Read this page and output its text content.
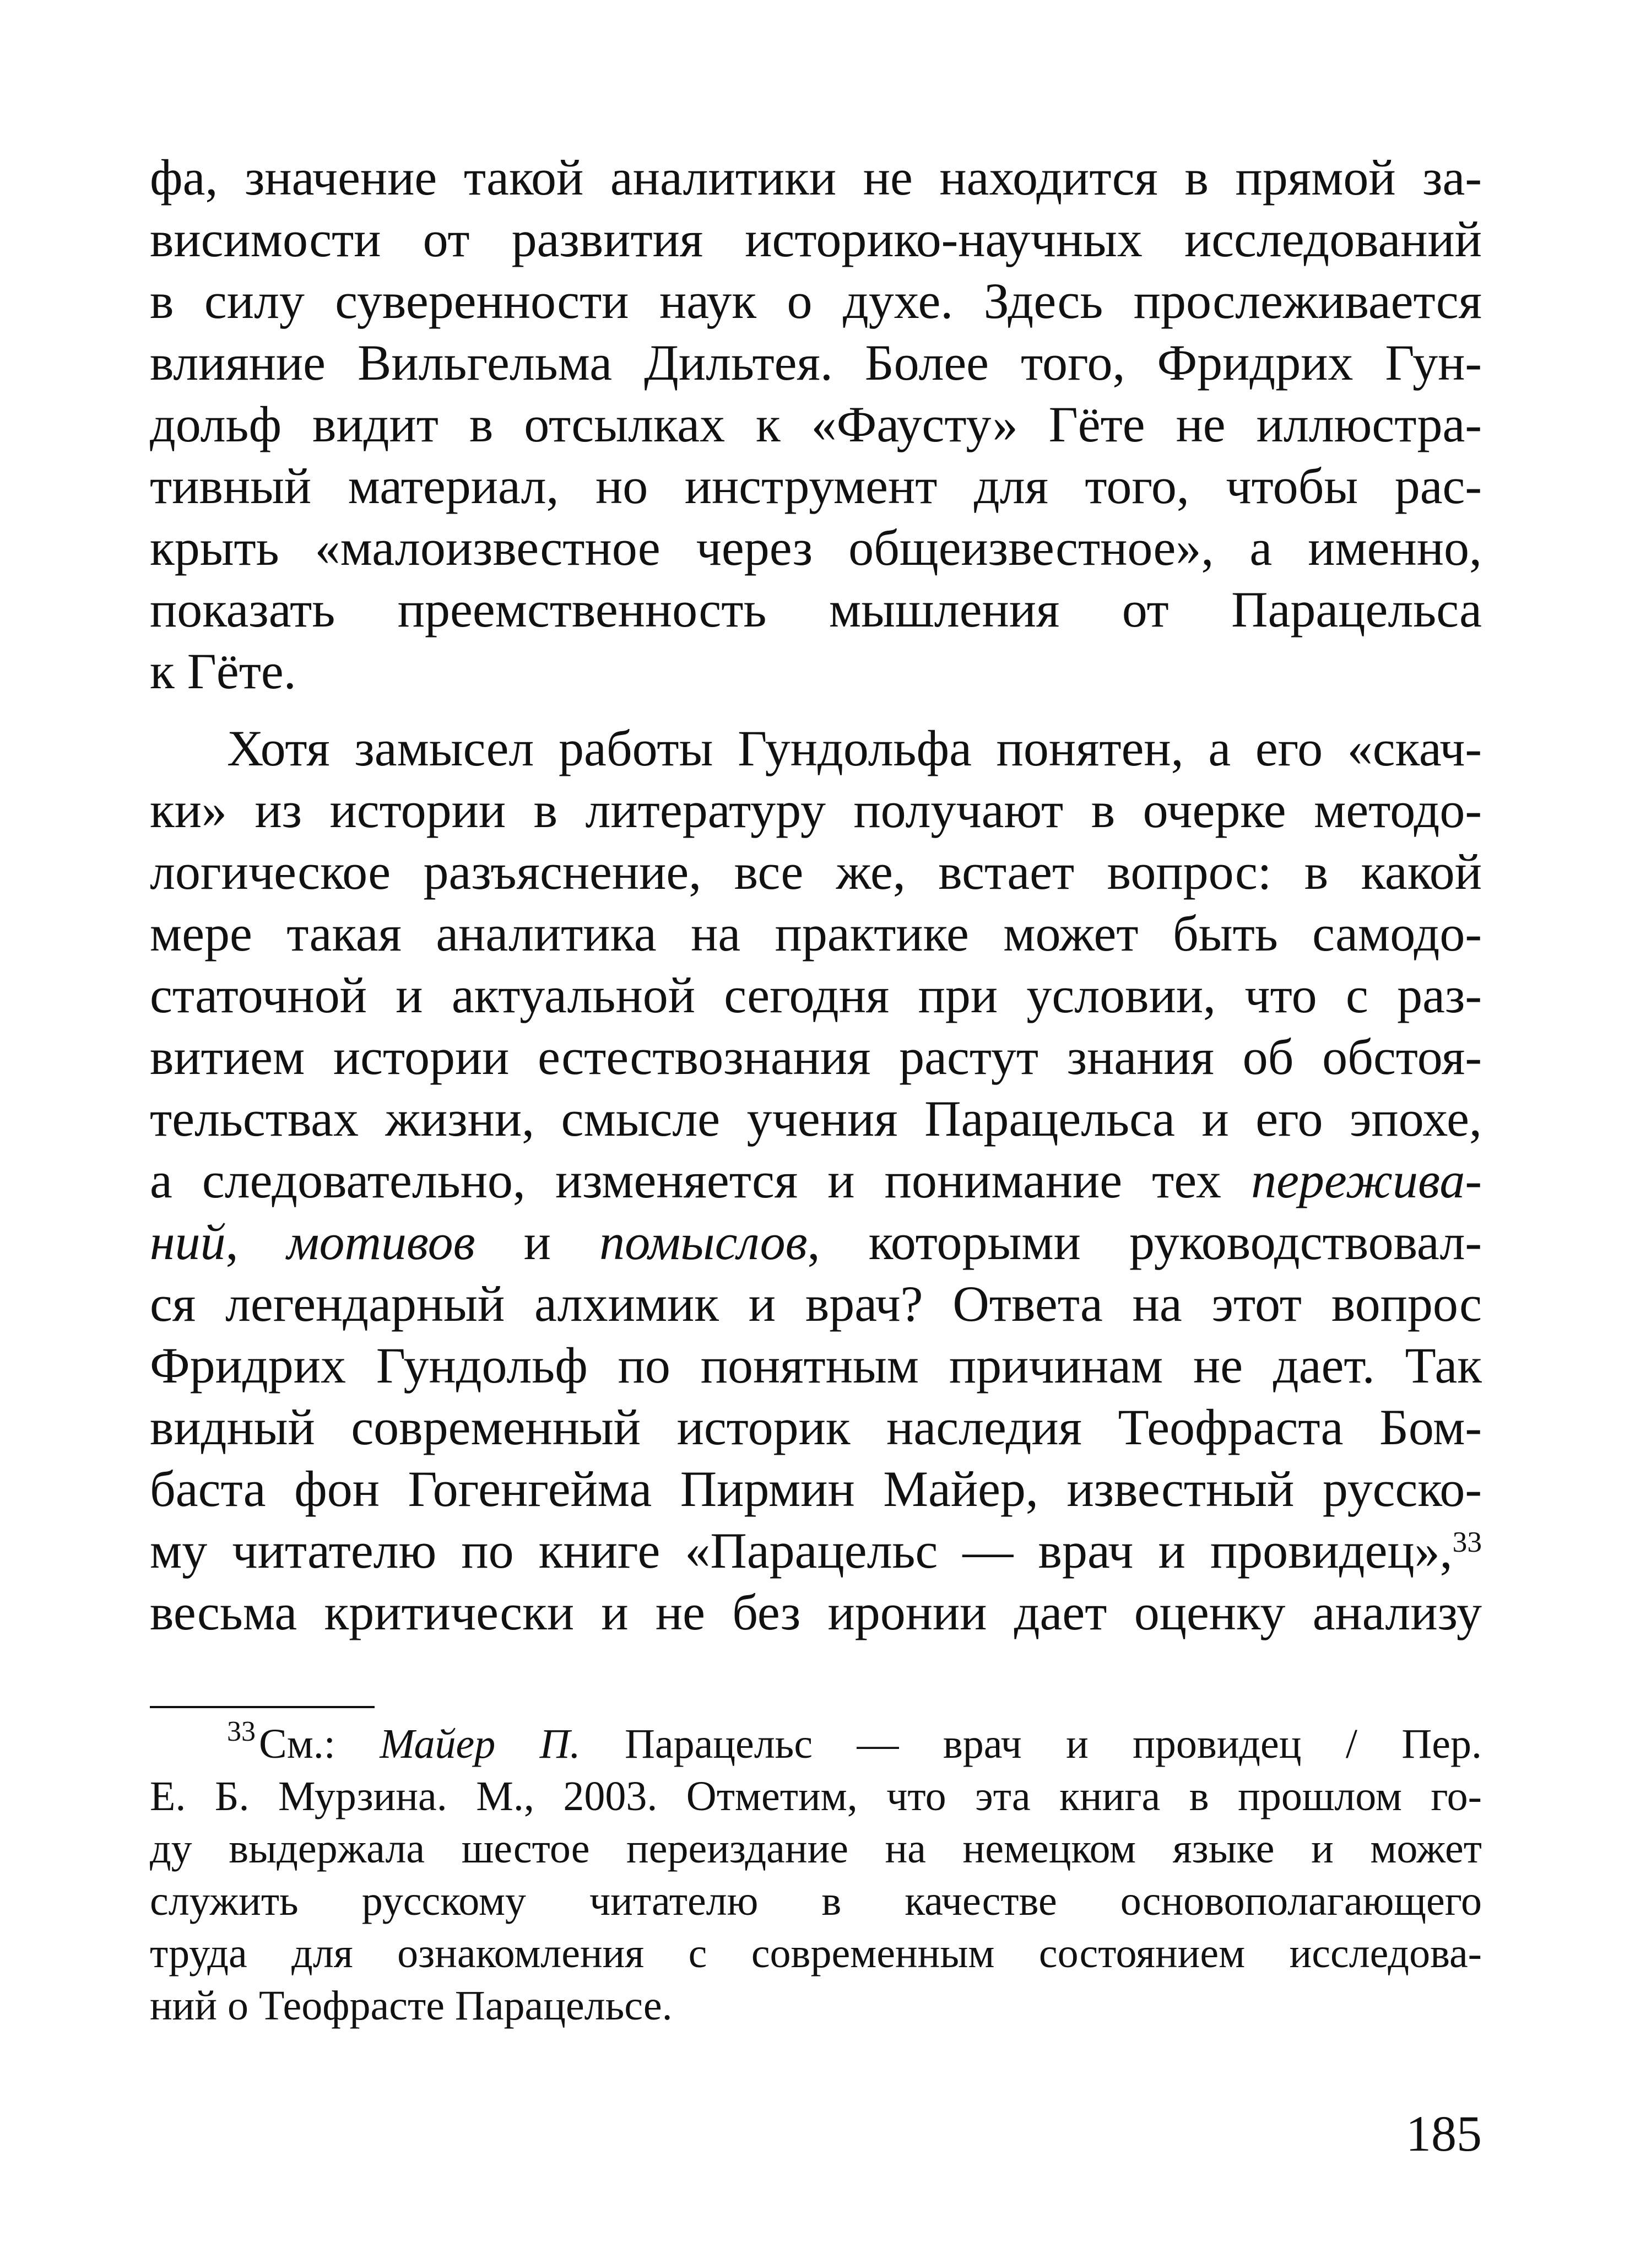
фа, значение такой аналитики не находится в прямой за-
висимости от развития историко-научных исследований
в силу суверенности наук о духе. Здесь прослеживается
влияние Вильгельма Дильтея. Более того, Фридрих Гун-
дольф видит в отсылках к «Фаусту» Гёте не иллюстра-
тивный материал, но инструмент для того, чтобы рас-
крыть «малоизвестное через общеизвестное», а именно,
показать преемственность мышления от Парацельса
к Гёте.
Хотя замысел работы Гундольфа понятен, а его «скач-
ки» из истории в литературу получают в очерке методо-
логическое разъяснение, все же, встает вопрос: в какой
мере такая аналитика на практике может быть самодо-
статочной и актуальной сегодня при условии, что с раз-
витием истории естествознания растут знания об обстоя-
тельствах жизни, смысле учения Парацельса и его эпохе,
а следовательно, изменяется и понимание тех пережива-
ний, мотивов и помыслов, которыми руководствовал-
ся легендарный алхимик и врач? Ответа на этот вопрос
Фридрих Гундольф по понятным причинам не дает. Так
видный современный историк наследия Теофраста Бом-
баста фон Гогенгейма Пирмин Майер, известный русско-
му читателю по книге «Парацельс — врач и провидец»,$^{33}$
весьма критически и не без иронии дает оценку анализу
$^{33}$См.: Майер П. Парацельс — врач и провидец / Пер.
Е. Б. Мурзина. М., 2003. Отметим, что эта книга в прошлом го-
ду выдержала шестое переиздание на немецком языке и может
служить русскому читателю в качестве основополагающего
труда для ознакомления с современным состоянием исследова-
ний о Теофрасте Парацельсе.
185
